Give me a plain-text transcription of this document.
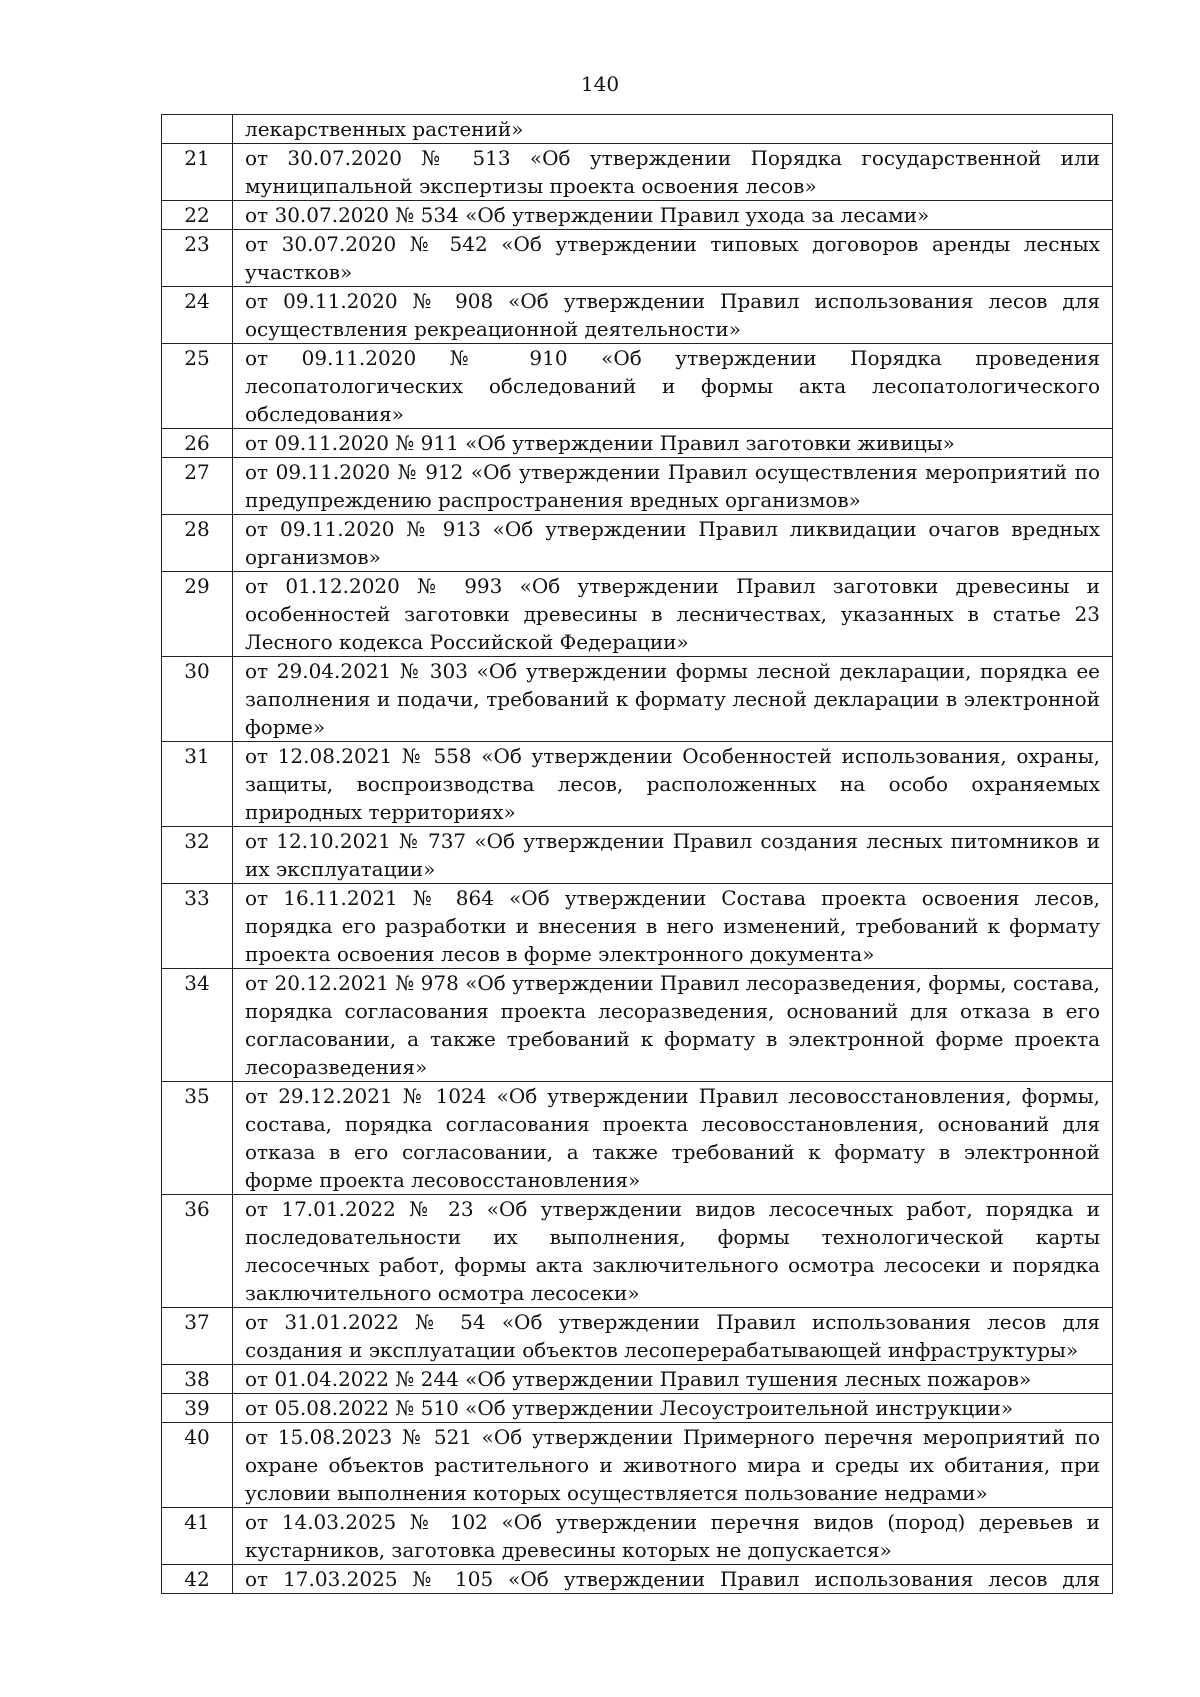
140
	лекарственных растений»
21	от 30.07.2020 № 513 «Об утверждении Порядка государственной или муниципальной экспертизы проекта освоения лесов»
22	от 30.07.2020 № 534 «Об утверждении Правил ухода за лесами»
23	от 30.07.2020 № 542 «Об утверждении типовых договоров аренды лесных участков»
24	от 09.11.2020 № 908 «Об утверждении Правил использования лесов для осуществления рекреационной деятельности»
25	от 09.11.2020 № 910 «Об утверждении Порядка проведения лесопатологических обследований и формы акта лесопатологического обследования»
26	от 09.11.2020 № 911 «Об утверждении Правил заготовки живицы»
27	от 09.11.2020 № 912 «Об утверждении Правил осуществления мероприятий по предупреждению распространения вредных организмов»
28	от 09.11.2020 № 913 «Об утверждении Правил ликвидации очагов вредных организмов»
29	от 01.12.2020 № 993 «Об утверждении Правил заготовки древесины и особенностей заготовки древесины в лесничествах, указанных в статье 23 Лесного кодекса Российской Федерации»
30	от 29.04.2021 № 303 «Об утверждении формы лесной декларации, порядка ее заполнения и подачи, требований к формату лесной декларации в электронной форме»
31	от 12.08.2021 № 558 «Об утверждении Особенностей использования, охраны, защиты, воспроизводства лесов, расположенных на особо охраняемых природных территориях»
32	от 12.10.2021 № 737 «Об утверждении Правил создания лесных питомников и их эксплуатации»
33	от 16.11.2021 № 864 «Об утверждении Состава проекта освоения лесов, порядка его разработки и внесения в него изменений, требований к формату проекта освоения лесов в форме электронного документа»
34	от 20.12.2021 № 978 «Об утверждении Правил лесоразведения, формы, состава, порядка согласования проекта лесоразведения, оснований для отказа в его согласовании, а также требований к формату в электронной форме проекта лесоразведения»
35	от 29.12.2021 № 1024 «Об утверждении Правил лесовосстановления, формы, состава, порядка согласования проекта лесовосстановления, оснований для отказа в его согласовании, а также требований к формату в электронной форме проекта лесовосстановления»
36	от 17.01.2022 № 23 «Об утверждении видов лесосечных работ, порядка и последовательности их выполнения, формы технологической карты лесосечных работ, формы акта заключительного осмотра лесосеки и порядка заключительного осмотра лесосеки»
37	от 31.01.2022 № 54 «Об утверждении Правил использования лесов для создания и эксплуатации объектов лесоперерабатывающей инфраструктуры»
38	от 01.04.2022 № 244 «Об утверждении Правил тушения лесных пожаров»
39	от 05.08.2022 № 510 «Об утверждении Лесоустроительной инструкции»
40	от 15.08.2023 № 521 «Об утверждении Примерного перечня мероприятий по охране объектов растительного и животного мира и среды их обитания, при условии выполнения которых осуществляется пользование недрами»
41	от 14.03.2025 № 102 «Об утверждении перечня видов (пород) деревьев и кустарников, заготовка древесины которых не допускается»
42	от 17.03.2025 № 105 «Об утверждении Правил использования лесов для
